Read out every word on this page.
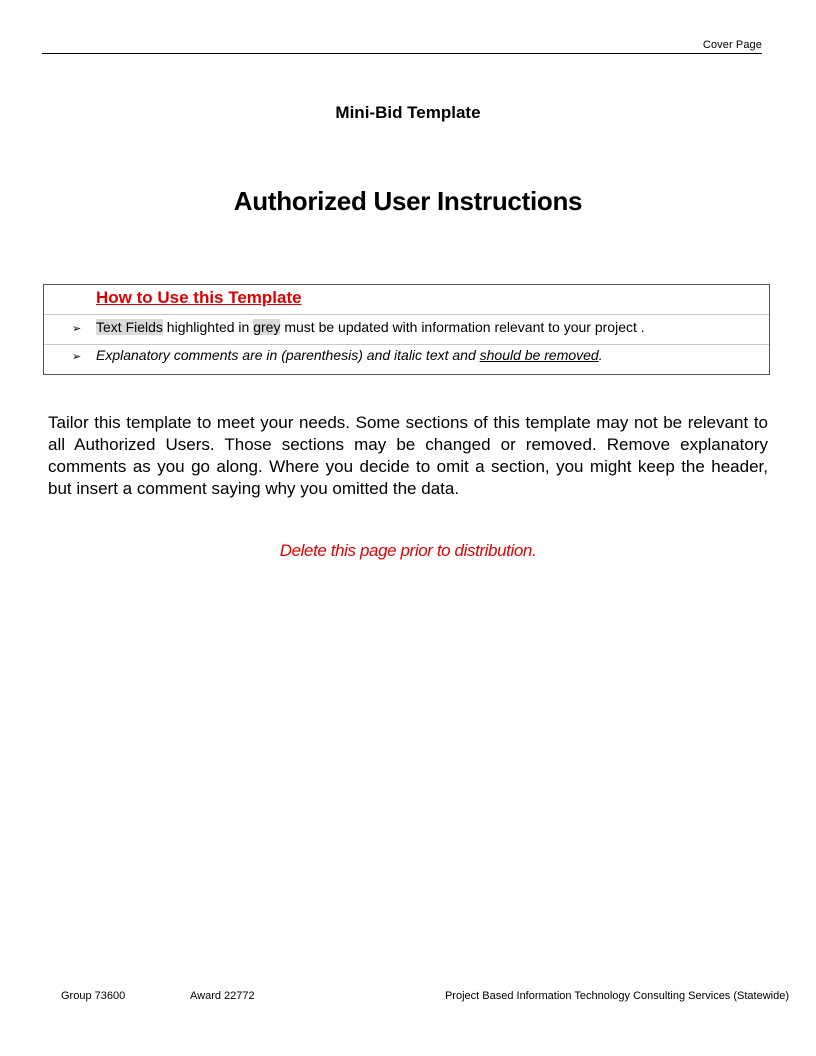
Cover Page
Mini-Bid Template
Authorized User Instructions
How to Use this Template
➢ Text Fields highlighted in grey must be updated with information relevant to your project .
➢ Explanatory comments are in (parenthesis) and italic text and should be removed.
Tailor this template to meet your needs. Some sections of this template may not be relevant to all Authorized Users. Those sections may be changed or removed. Remove explanatory comments as you go along. Where you decide to omit a section, you might keep the header, but insert a comment saying why you omitted the data.
Delete this page prior to distribution.
Group 73600	Award 22772	Project Based Information Technology Consulting Services (Statewide)
